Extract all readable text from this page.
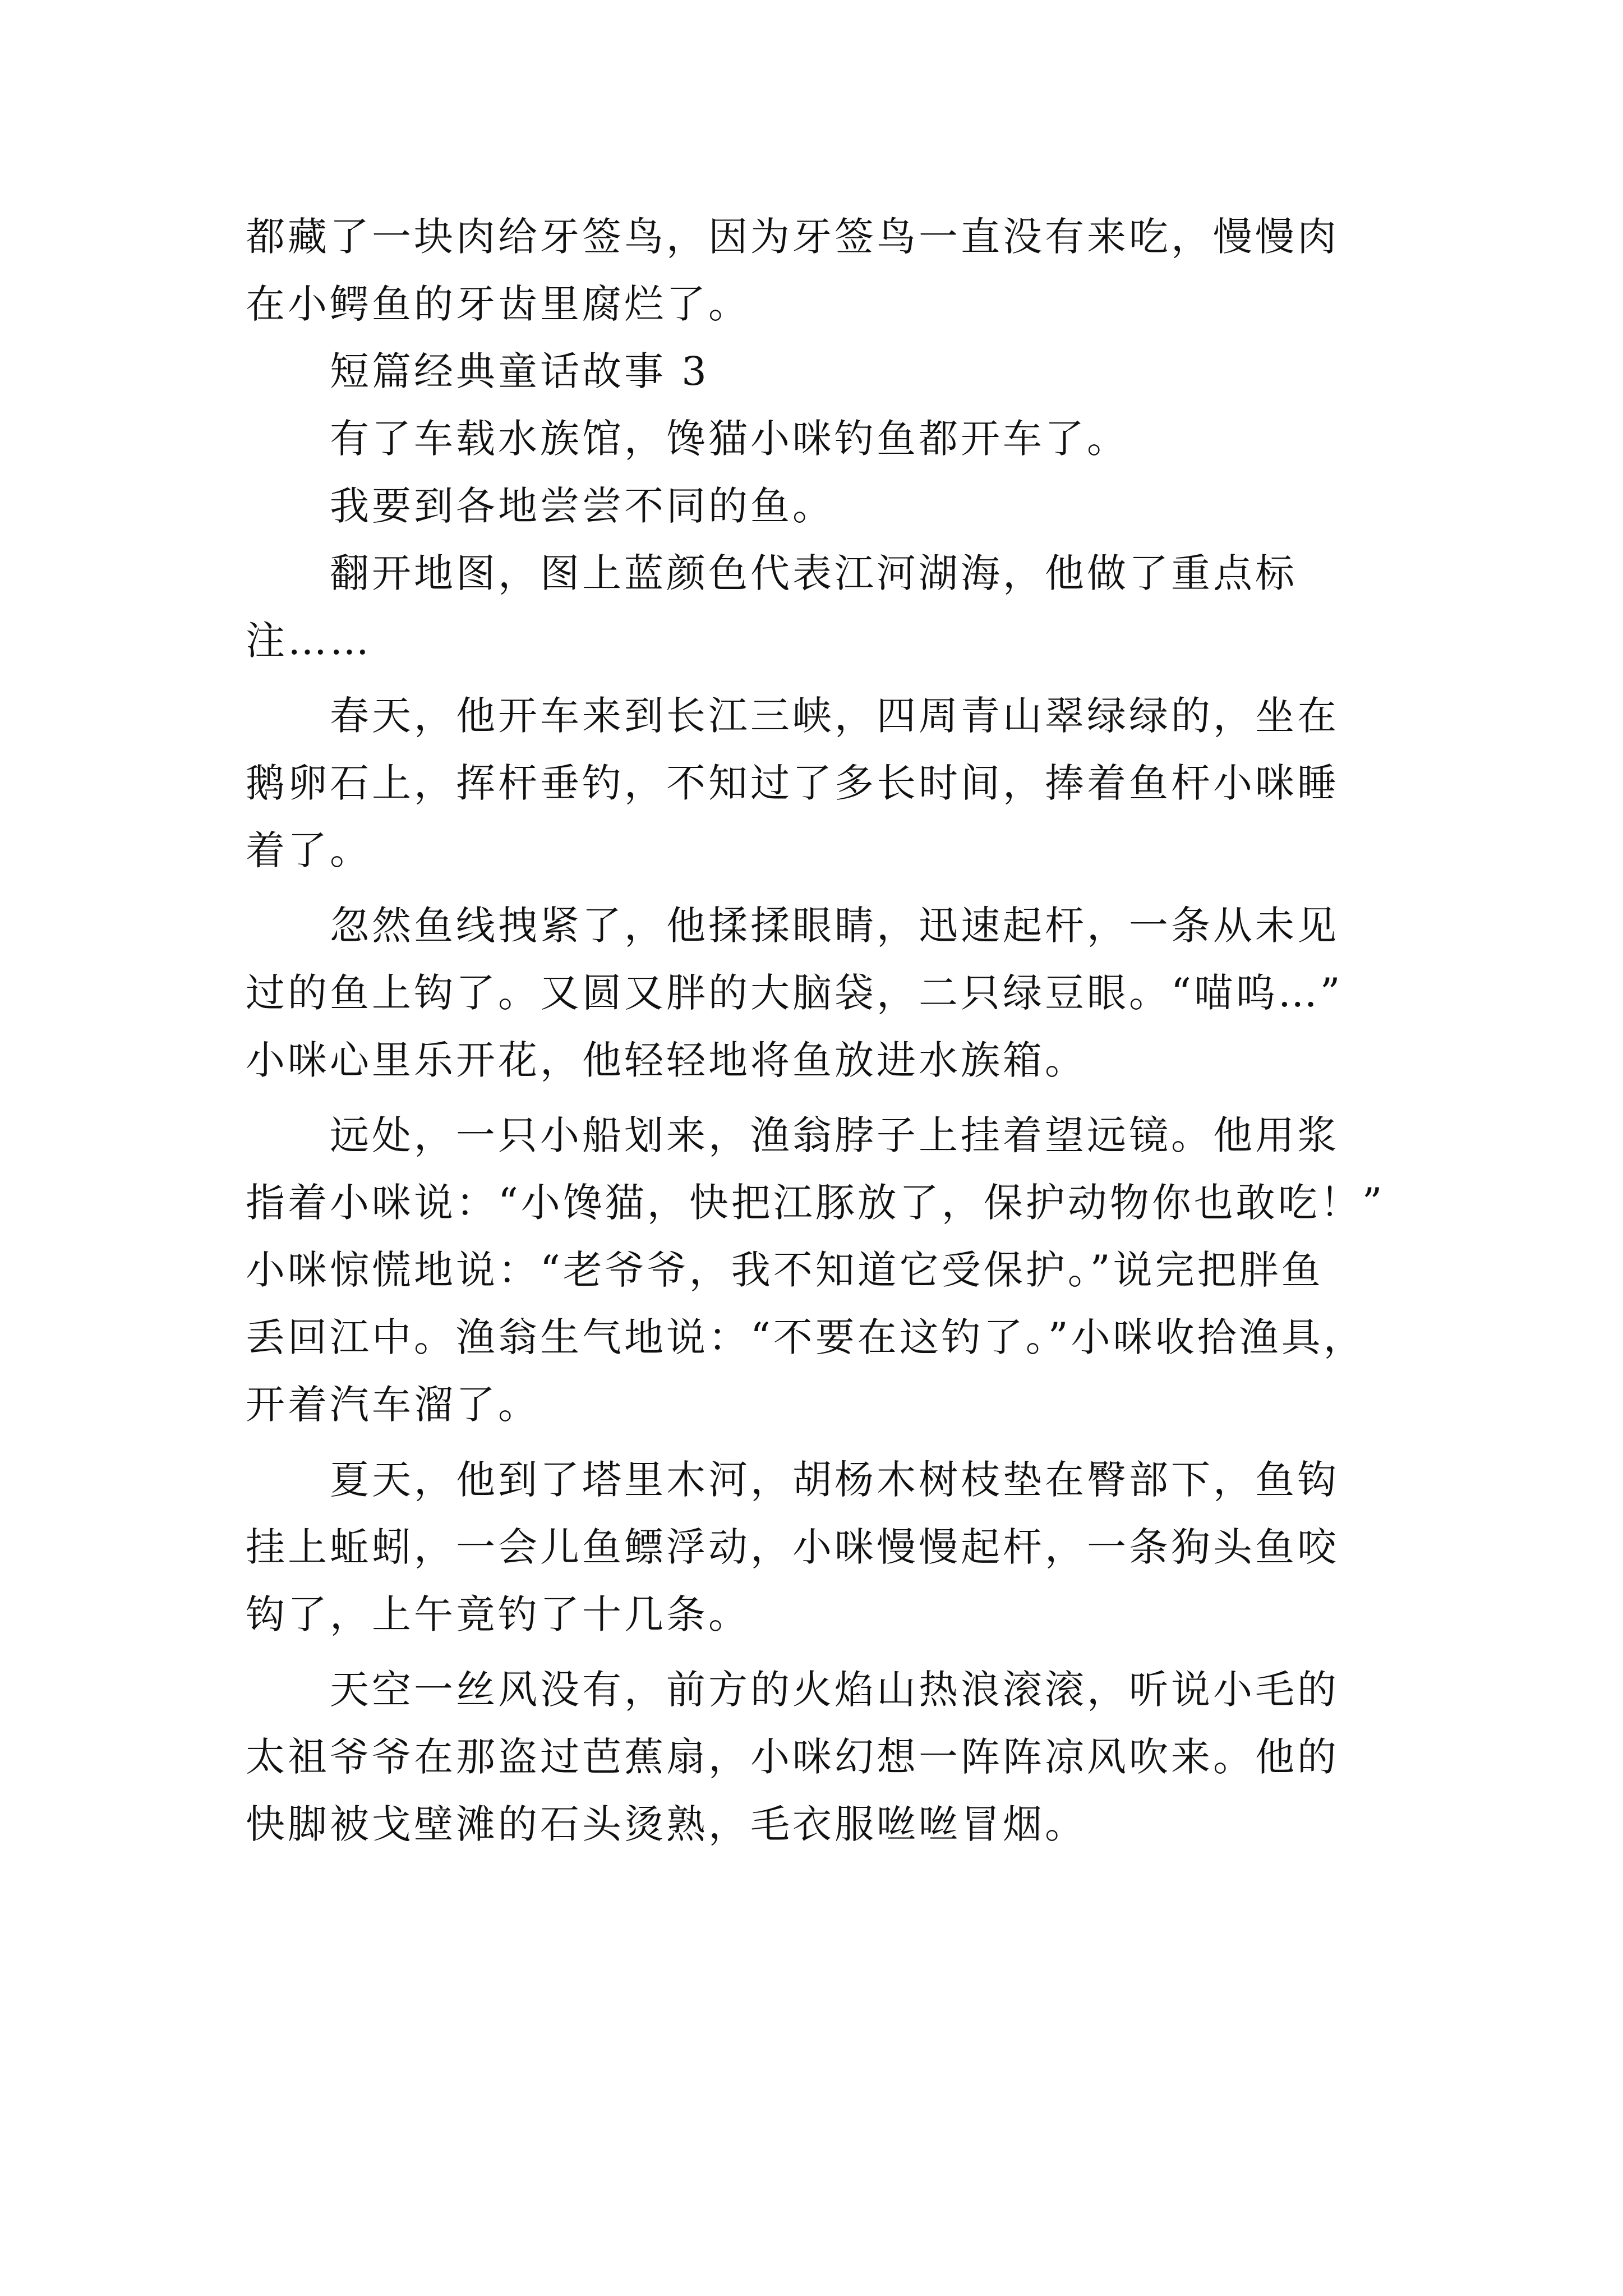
都藏了一块肉给牙签鸟，因为牙签鸟一直没有来吃，慢慢肉
在小鳄鱼的牙齿里腐烂了。
短篇经典童话故事 3
有了车载水族馆，馋猫小咪钓鱼都开车了。
我要到各地尝尝不同的鱼。
翻开地图，图上蓝颜色代表江河湖海，他做了重点标
注……
春天，他开车来到长江三峡，四周青山翠绿绿的，坐在
鹅卵石上，挥杆垂钓，不知过了多长时间，捧着鱼杆小咪睡
着了。
忽然鱼线拽紧了，他揉揉眼睛，迅速起杆，一条从未见
过的鱼上钩了。又圆又胖的大脑袋，二只绿豆眼。“喵呜…”
小咪心里乐开花，他轻轻地将鱼放进水族箱。
远处，一只小船划来，渔翁脖子上挂着望远镜。他用浆
指着小咪说：“小馋猫，快把江豚放了，保护动物你也敢吃！”
小咪惊慌地说：“老爷爷，我不知道它受保护。”说完把胖鱼
丢回江中。渔翁生气地说：“不要在这钓了。”小咪收拾渔具，
开着汽车溜了。
夏天，他到了塔里木河，胡杨木树枝垫在臀部下，鱼钩
挂上蚯蚓，一会儿鱼鳔浮动，小咪慢慢起杆，一条狗头鱼咬
钩了，上午竟钓了十几条。
天空一丝风没有，前方的火焰山热浪滚滚，听说小毛的
太祖爷爷在那盗过芭蕉扇，小咪幻想一阵阵凉风吹来。他的
快脚被戈壁滩的石头烫熟，毛衣服咝咝冒烟。
